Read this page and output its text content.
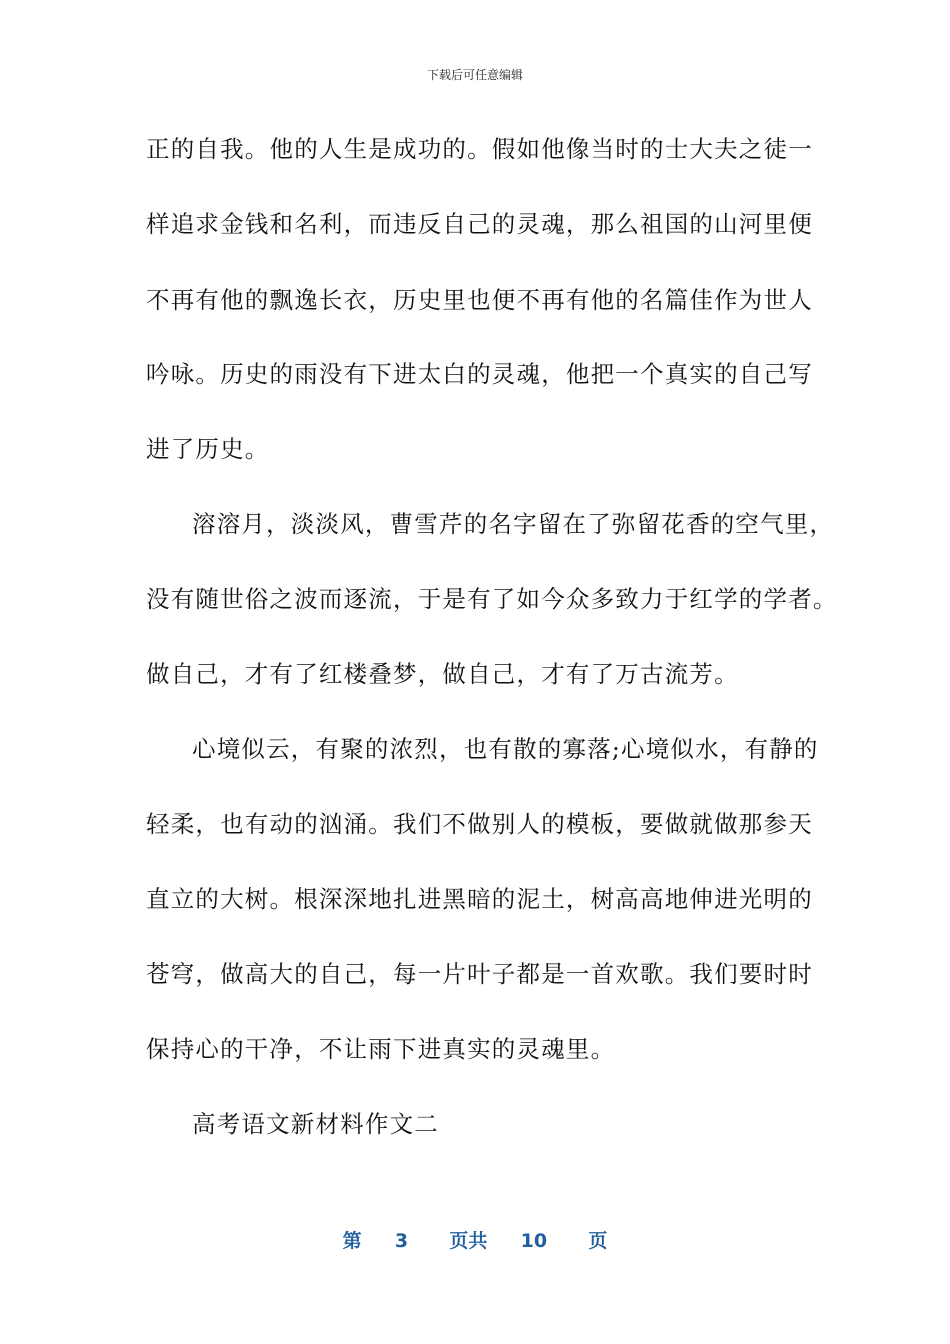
下载后可任意编辑
正的自我。他的人生是成功的。假如他像当时的士大夫之徒一
样追求金钱和名利，而违反自己的灵魂，那么祖国的山河里便
不再有他的飘逸长衣，历史里也便不再有他的名篇佳作为世人
吟咏。历史的雨没有下进太白的灵魂，他把一个真实的自己写
进了历史。
溶溶月，淡淡风，曹雪芹的名字留在了弥留花香的空气里，
没有随世俗之波而逐流，于是有了如今众多致力于红学的学者。
做自己，才有了红楼叠梦，做自己，才有了万古流芳。
心境似云，有聚的浓烈，也有散的寡落;心境似水，有静的
轻柔，也有动的汹涌。我们不做别人的模板，要做就做那参天
直立的大树。根深深地扎进黑暗的泥土，树高高地伸进光明的
苍穹，做高大的自己，每一片叶子都是一首欢歌。我们要时时
保持心的干净，不让雨下进真实的灵魂里。
高考语文新材料作文二
第 3 页共 10 页
